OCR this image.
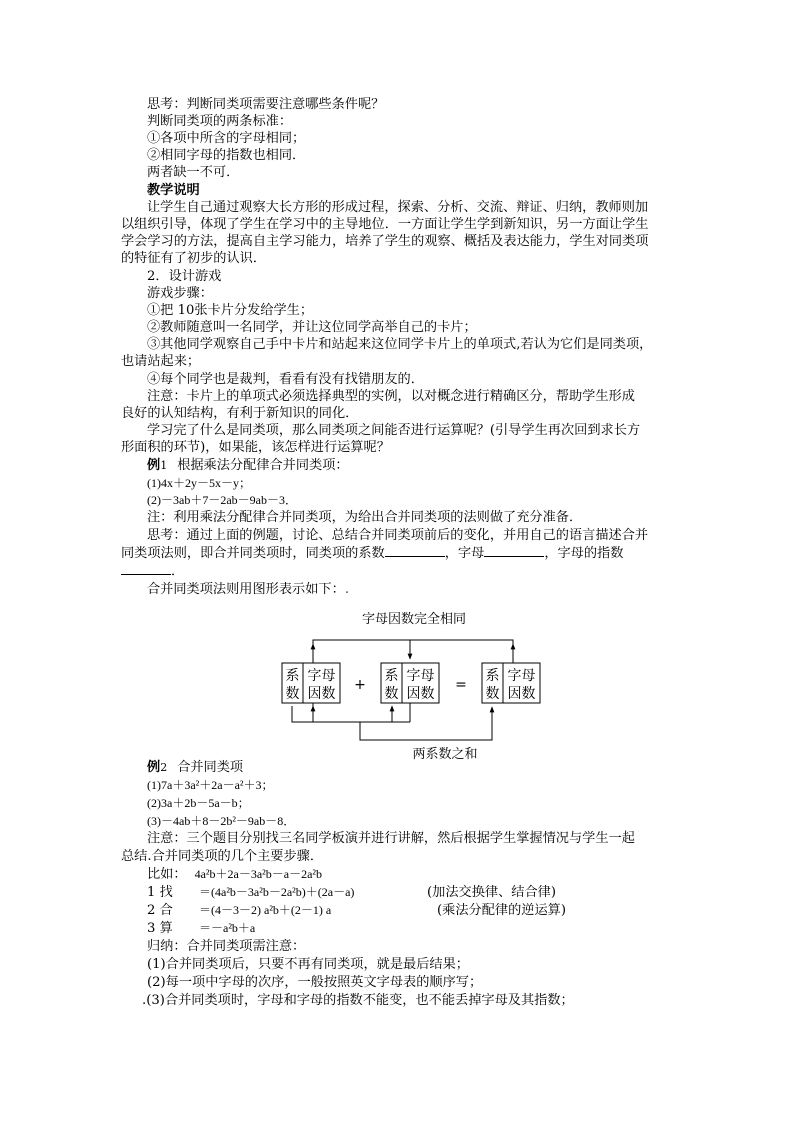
思考：判断同类项需要注意哪些条件呢？
判断同类项的两条标准：
①各项中所含的字母相同；
②相同字母的指数也相同．
两者缺一不可．
教学说明
让学生自己通过观察大长方形的形成过程，探索、分析、交流、辩证、归纳，教师则加
以组织引导，体现了学生在学习中的主导地位．一方面让学生学到新知识，另一方面让学生
学会学习的方法，提高自主学习能力，培养了学生的观察、概括及表达能力，学生对同类项
的特征有了初步的认识．
2．设计游戏
游戏步骤：
①把 10张卡片分发给学生；
②教师随意叫一名同学，并让这位同学高举自己的卡片；
③其他同学观察自己手中卡片和站起来这位同学卡片上的单项式,若认为它们是同类项，
也请站起来；
④每个同学也是裁判，看看有没有找错朋友的．
注意：卡片上的单项式必须选择典型的实例，以对概念进行精确区分，帮助学生形成
良好的认知结构，有利于新知识的同化．
学习完了什么是同类项，那么同类项之间能否进行运算呢？(引导学生再次回到求长方
形面积的环节)，如果能，该怎样进行运算呢？
例1 根据乘法分配律合并同类项：
(1)4x＋2y－5x－y；
(2)－3ab＋7－2ab－9ab－3．
注：利用乘法分配律合并同类项，为给出合并同类项的法则做了充分准备．
思考：通过上面的例题，讨论、总结合并同类项前后的变化，并用自己的语言描述合并
同类项法则，即合并同类项时，同类项的系数	，字母	，字母的指数
．
合并同类项法则用图形表示如下：.
字母因数完全相同
两系数之和
系
数
字母
因数
+
系
数
字母
因数
=
系
数
字母
因数
例2 合并同类项
(1)7a＋3a²＋2a－a²＋3；
(2)3a＋2b－5a－b；
(3)－4ab＋8－2b²－9ab－8．
注意：三个题目分别找三名同学板演并进行讲解，然后根据学生掌握情况与学生一起
总结.合并同类项的几个主要步骤．
比如： 4a²b＋2a－3a²b－a－2a²b
1 找 ＝(4a²b－3a²b－2a²b)＋(2a－a)	(加法交换律、结合律)
2 合 ＝(4－3－2) a²b＋(2－1) a	(乘法分配律的逆运算)
3 算 ＝－a²b＋a
归纳：合并同类项需注意：
(1)合并同类项后，只要不再有同类项，就是最后结果；
(2)每一项中字母的次序，一般按照英文字母表的顺序写；
.(3)合并同类项时，字母和字母的指数不能变，也不能丢掉字母及其指数；
